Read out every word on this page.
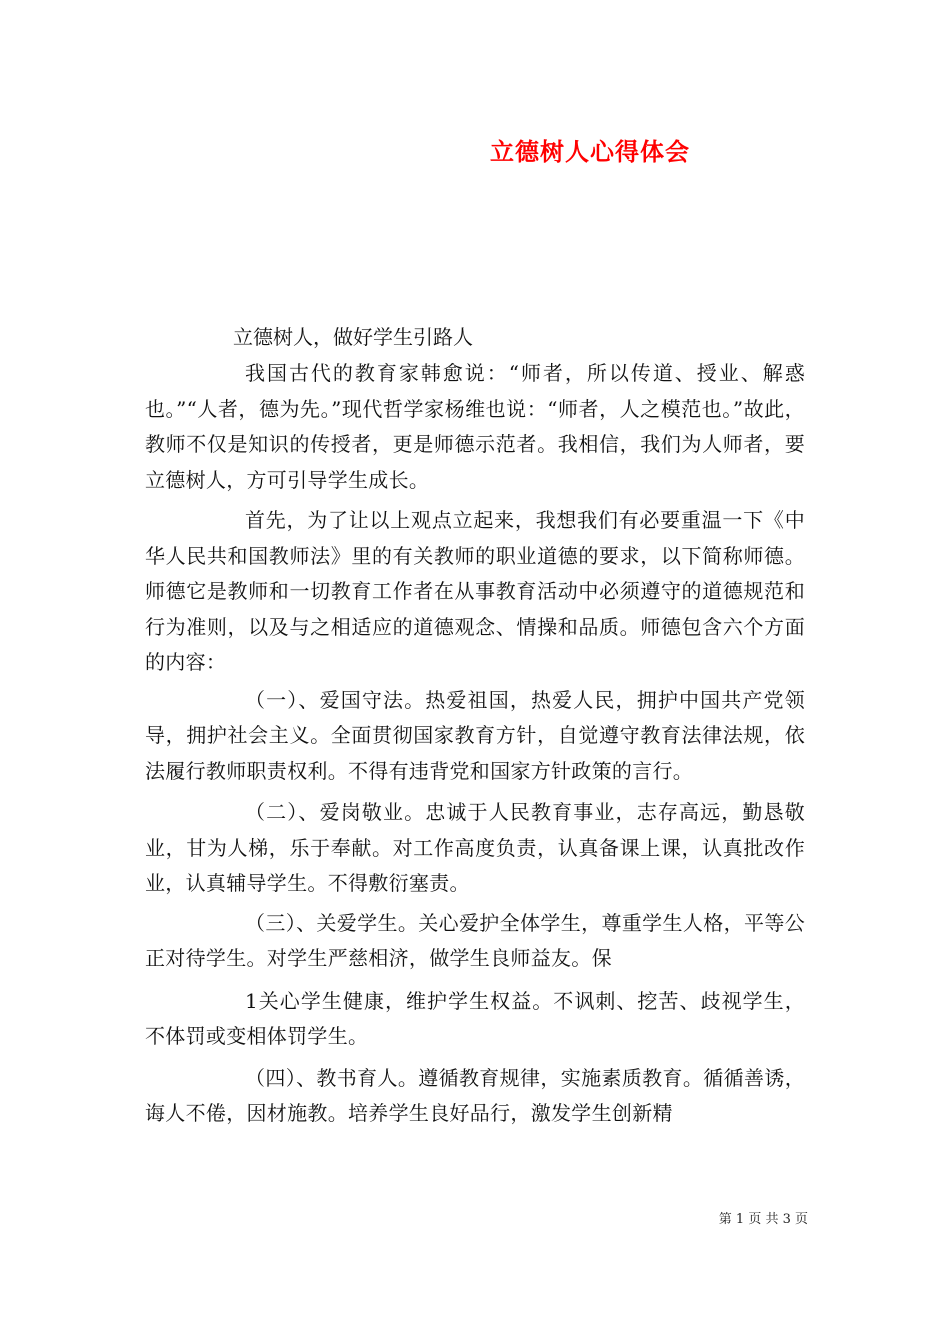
立德树人心得体会

立德树人，做好学生引路人

我国古代的教育家韩愈说：“师者，所以传道、授业、解惑也。”“人者，德为先。”现代哲学家杨维也说：“师者，人之模范也。”故此，教师不仅是知识的传授者，更是师德示范者。我相信，我们为人师者，要立德树人，方可引导学生成长。

首先，为了让以上观点立起来，我想我们有必要重温一下《中华人民共和国教师法》里的有关教师的职业道德的要求，以下简称师德。师德它是教师和一切教育工作者在从事教育活动中必须遵守的道德规范和行为准则，以及与之相适应的道德观念、情操和品质。师德包含六个方面的内容：

（一）、爱国守法。热爱祖国，热爱人民，拥护中国共产党领导，拥护社会主义。全面贯彻国家教育方针，自觉遵守教育法律法规，依法履行教师职责权利。不得有违背党和国家方针政策的言行。

（二）、爱岗敬业。忠诚于人民教育事业，志存高远，勤恳敬业，甘为人梯，乐于奉献。对工作高度负责，认真备课上课，认真批改作业，认真辅导学生。不得敷衍塞责。

（三）、关爱学生。关心爱护全体学生，尊重学生人格，平等公正对待学生。对学生严慈相济，做学生良师益友。保

1关心学生健康，维护学生权益。不讽刺、挖苦、歧视学生，不体罚或变相体罚学生。

（四）、教书育人。遵循教育规律，实施素质教育。循循善诱，诲人不倦，因材施教。培养学生良好品行，激发学生创新精

第 1 页 共 3 页
